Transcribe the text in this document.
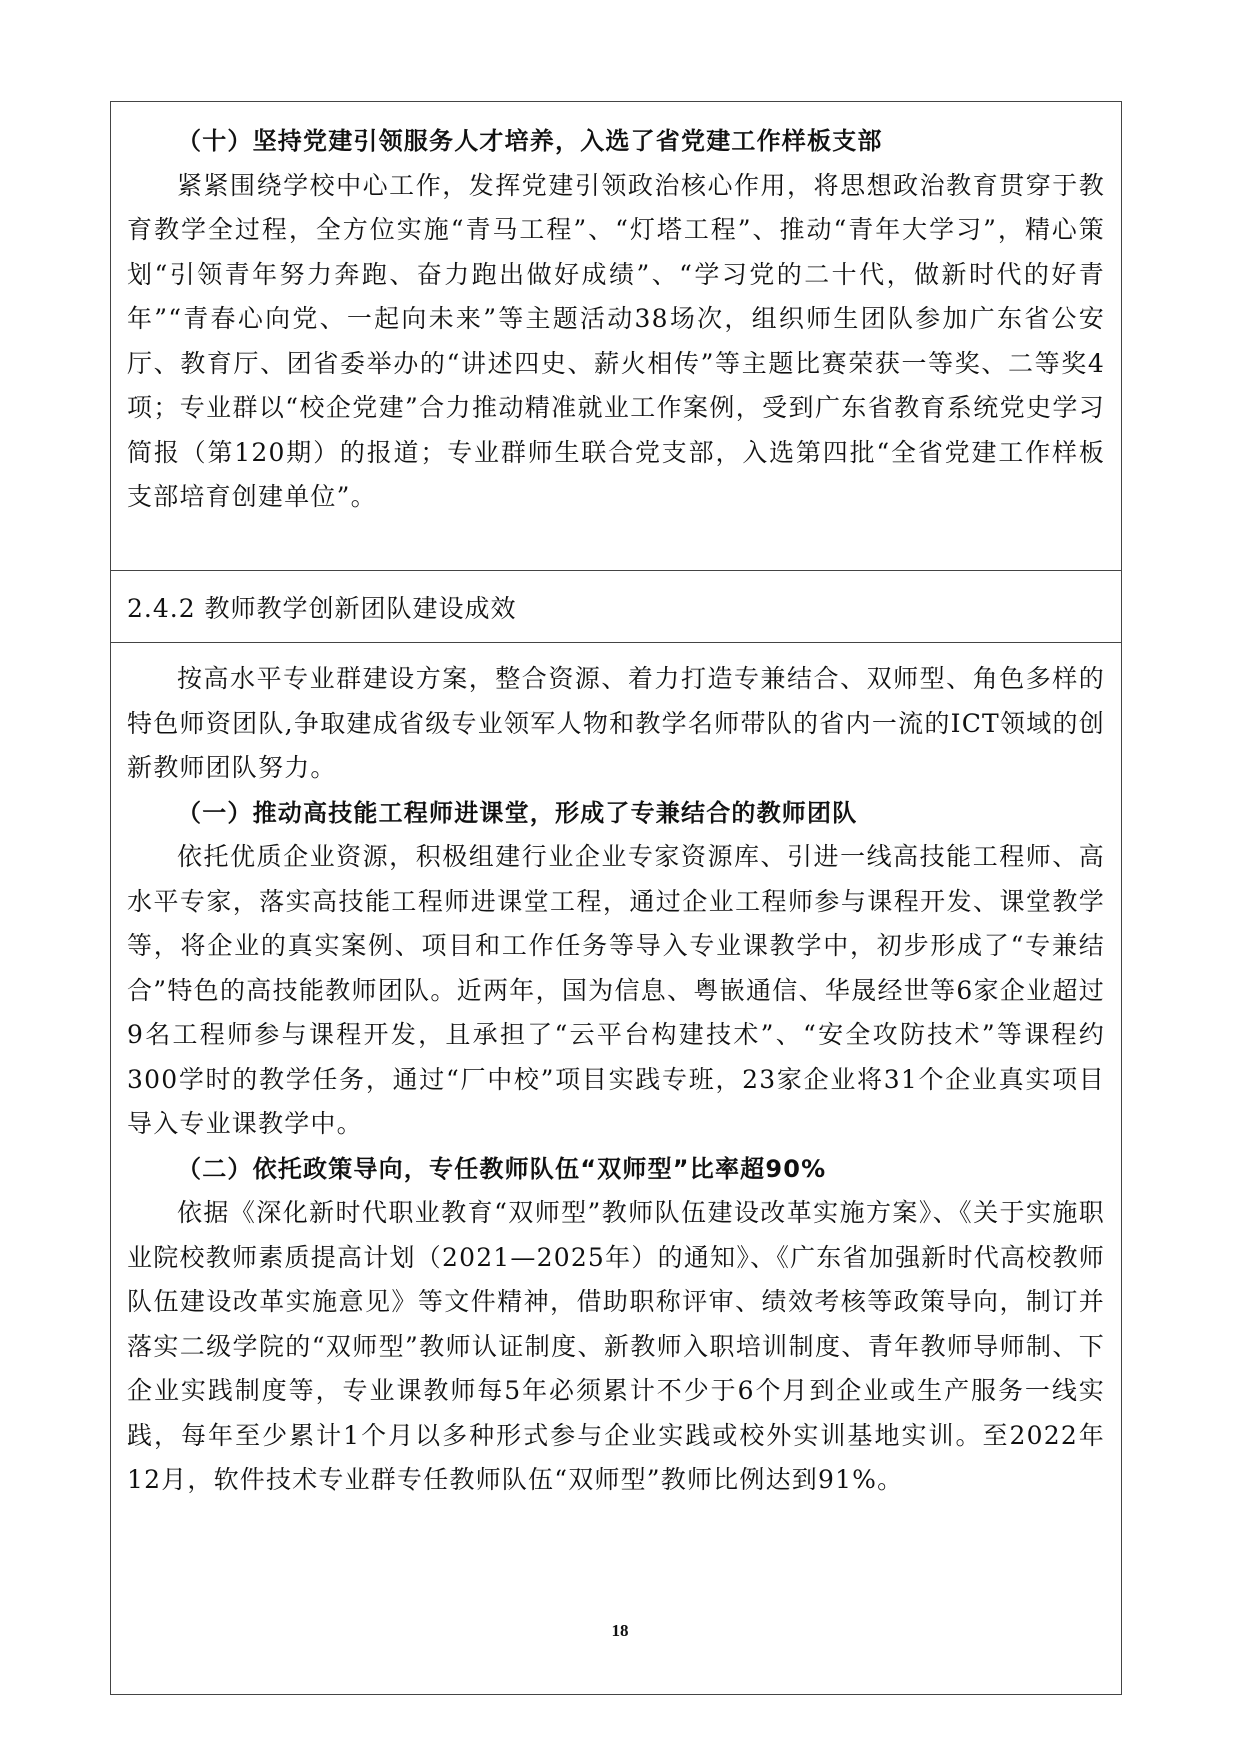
（十）坚持党建引领服务人才培养，入选了省党建工作样板支部

紧紧围绕学校中心工作，发挥党建引领政治核心作用，将思想政治教育贯穿于教育教学全过程，全方位实施“青马工程”、“灯塔工程”、推动“青年大学习”，精心策划“引领青年努力奔跑、奋力跑出做好成绩”、“学习党的二十代，做新时代的好青年”“青春心向党、一起向未来”等主题活动38场次，组织师生团队参加广东省公安厅、教育厅、团省委举办的“讲述四史、薪火相传”等主题比赛荣获一等奖、二等奖4项；专业群以“校企党建”合力推动精准就业工作案例，受到广东省教育系统党史学习简报（第120期）的报道；专业群师生联合党支部，入选第四批“全省党建工作样板支部培育创建单位”。

2.4.2 教师教学创新团队建设成效

按高水平专业群建设方案，整合资源、着力打造专兼结合、双师型、角色多样的特色师资团队,争取建成省级专业领军人物和教学名师带队的省内一流的ICT领域的创新教师团队努力。

（一）推动高技能工程师进课堂，形成了专兼结合的教师团队

依托优质企业资源，积极组建行业企业专家资源库、引进一线高技能工程师、高水平专家，落实高技能工程师进课堂工程，通过企业工程师参与课程开发、课堂教学等，将企业的真实案例、项目和工作任务等导入专业课教学中，初步形成了“专兼结合”特色的高技能教师团队。近两年，国为信息、粤嵌通信、华晟经世等6家企业超过9名工程师参与课程开发，且承担了“云平台构建技术”、“安全攻防技术”等课程约300学时的教学任务，通过“厂中校”项目实践专班，23家企业将31个企业真实项目导入专业课教学中。

（二）依托政策导向，专任教师队伍“双师型”比率超90%

依据《深化新时代职业教育“双师型”教师队伍建设改革实施方案》、《关于实施职业院校教师素质提高计划（2021—2025年）的通知》、《广东省加强新时代高校教师队伍建设改革实施意见》等文件精神，借助职称评审、绩效考核等政策导向，制订并落实二级学院的“双师型”教师认证制度、新教师入职培训制度、青年教师导师制、下企业实践制度等，专业课教师每5年必须累计不少于6个月到企业或生产服务一线实践，每年至少累计1个月以多种形式参与企业实践或校外实训基地实训。至2022年12月，软件技术专业群专任教师队伍“双师型”教师比例达到91%。

18
